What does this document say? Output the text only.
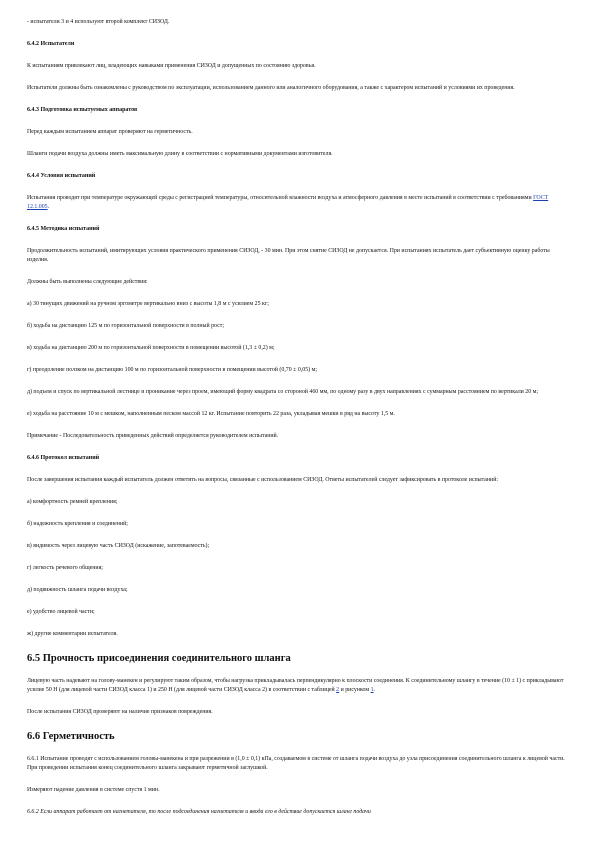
- испытатели 3 и 4 используют второй комплект СИЗОД.

6.4.2 Испытатели

К испытаниям привлекают лиц, владеющих навыками применения СИЗОД и допущенных по состоянию здоровья.

Испытатели должны быть ознакомлены с руководством по эксплуатации, использованием данного или аналогичного оборудования, а также с характером испытаний и условиями их проведения.

6.4.3 Подготовка испытуемых аппаратов

Перед каждым испытанием аппарат проверяют на герметичность.

Шланги подачи воздуха должны иметь максимальную длину в соответствии с нормативными документами изготовителя.

6.4.4 Условия испытаний

Испытания проводят при температуре окружающей среды с регистрацией температуры, относительной влажности воздуха и атмосферного давления в месте испытаний в соответствии с требованиями ГОСТ 12.1.005.

6.4.5 Методика испытаний

Продолжительность испытаний, имитирующих условия практического применения СИЗОД, - 30 мин. При этом снятие СИЗОД не допускается. При испытаниях испытатель дает субъективную оценку работы изделия.

Должны быть выполнены следующие действия:

а) 30 тянущих движений на ручном эргометре вертикально вниз с высоты 1,8 м с усилием 25 кг;

б) ходьба на дистанцию 125 м по горизонтальной поверхности в полный рост;

в) ходьба на дистанцию 200 м по горизонтальной поверхности в помещении высотой (1,3 ± 0,2) м;

г) преодоление ползком на дистанцию 100 м по горизонтальной поверхности в помещении высотой (0,70 ± 0,05) м;

д) подъем и спуск по вертикальной лестнице и проникание через проем, имеющий форму квадрата со стороной 460 мм, по одному разу в двух направлениях с суммарным расстоянием по вертикали 20 м;

е) ходьба на расстояние 10 м с мешком, наполненным песком массой 12 кг. Испытание повторить 22 раза, укладывая мешки в ряд на высоту 1,5 м.

Примечание - Последовательность приведенных действий определяется руководителем испытаний.

6.4.6 Протокол испытаний

После завершения испытания каждый испытатель должен ответить на вопросы, связанные с использованием СИЗОД. Ответы испытателей следует зафиксировать в протоколе испытаний:

а) комфортность ремней крепления;

б) надежность крепления и соединений;

в) видимость через лицевую часть СИЗОД (искажение, запотеваемость);

г) легкость речевого общения;

д) подвижность шланга подачи воздуха;

е) удобство лицевой части;

ж) другие комментарии испытателя.

6.5 Прочность присоединения соединительного шланга

Лицевую часть надевают на голову-манекен и регулируют таким образом, чтобы нагрузка прикладывалась перпендикулярно к плоскости соединения. К соединительному шлангу в течение (10 ± 1) с прикладывают усилие 50 Н (для лицевой части СИЗОД класса 1) и 250 Н (для лицевой части СИЗОД класса 2) в соответствии с таблицей 2 и рисунком 1.

После испытания СИЗОД проверяют на наличие признаков повреждения.

6.6 Герметичность

6.6.1 Испытание проводят с использованием головы-манекена и при разрежении в (1,0 ± 0,1) кПа, создаваемом в системе от шланга подачи воздуха до узла присоединения соединительного шланга к лицевой части. При проведении испытания конец соединительного шланга закрывают герметичной заглушкой.

Измеряют падение давления в системе спустя 1 мин.

6.6.2 Если аппарат работает от нагнетателя, то после подсоединения нагнетателя и ввода его в действие допускается шланг подачи
